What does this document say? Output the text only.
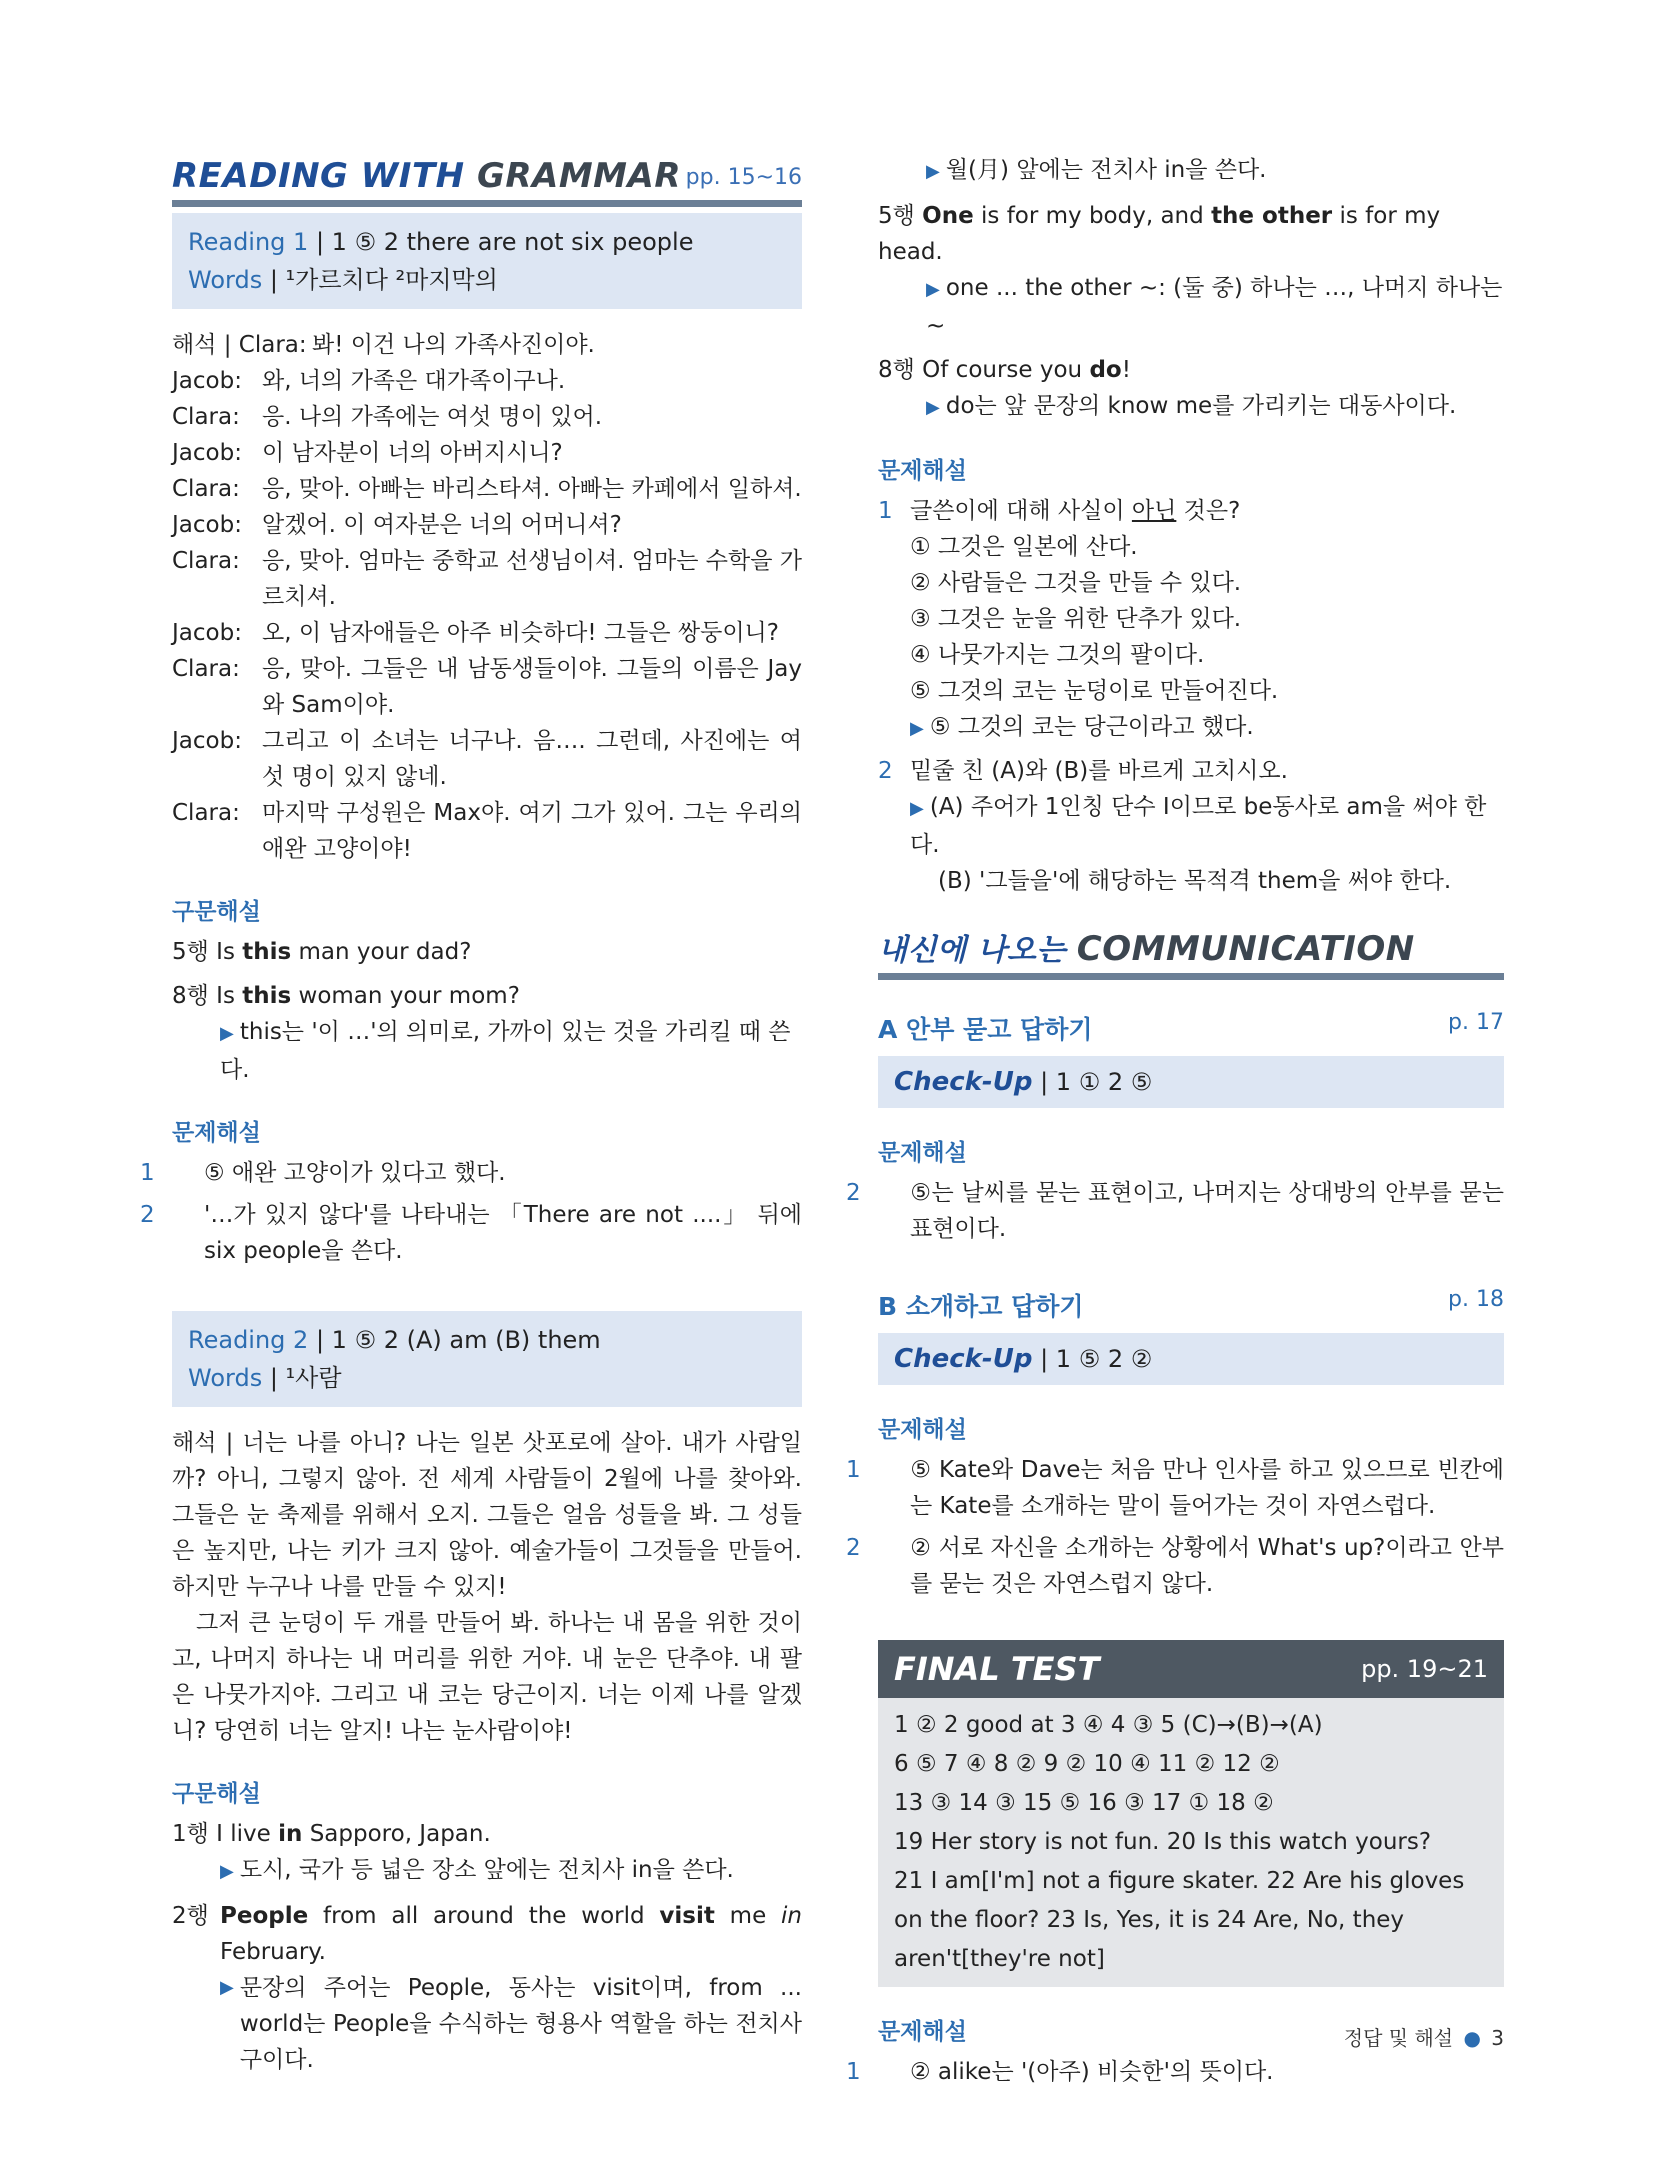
READING WITH GRAMMAR pp. 15~16
Reading 1 | 1 ⑤ 2 there are not six people
Words | ¹가르치다 ²마지막의
해석 | Clara: 봐! 이건 나의 가족사진이야.
Jacob: 와, 너의 가족은 대가족이구나.
Clara: 응. 나의 가족에는 여섯 명이 있어.
Jacob: 이 남자분이 너의 아버지시니?
Clara: 응, 맞아. 아빠는 바리스타셔. 아빠는 카페에서 일하셔.
Jacob: 알겠어. 이 여자분은 너의 어머니셔?
Clara: 응, 맞아. 엄마는 중학교 선생님이셔. 엄마는 수학을 가르치셔.
Jacob: 오, 이 남자애들은 아주 비슷하다! 그들은 쌍둥이니?
Clara: 응, 맞아. 그들은 내 남동생들이야. 그들의 이름은 Jay와 Sam이야.
Jacob: 그리고 이 소녀는 너구나. 음…. 그런데, 사진에는 여섯 명이 있지 않네.
Clara: 마지막 구성원은 Max야. 여기 그가 있어. 그는 우리의 애완 고양이야!
구문해설
5행 Is this man your dad?
8행 Is this woman your mom?
▶ this는 '이 …'의 의미로, 가까이 있는 것을 가리킬 때 쓴다.
문제해설
1 ⑤ 애완 고양이가 있다고 했다.
2 '…가 있지 않다'를 나타내는 「There are not ....」 뒤에 six people을 쓴다.
Reading 2 | 1 ⑤ 2 (A) am (B) them
Words | ¹사람
해석 | 너는 나를 아니? 나는 일본 삿포로에 살아. 내가 사람일까? 아니, 그렇지 않아. 전 세계 사람들이 2월에 나를 찾아와. 그들은 눈 축제를 위해서 오지. 그들은 얼음 성들을 봐. 그 성들은 높지만, 나는 키가 크지 않아. 예술가들이 그것들을 만들어. 하지만 누구나 나를 만들 수 있지!
그저 큰 눈덩이 두 개를 만들어 봐. 하나는 내 몸을 위한 것이고, 나머지 하나는 내 머리를 위한 거야. 내 눈은 단추야. 내 팔은 나뭇가지야. 그리고 내 코는 당근이지. 너는 이제 나를 알겠니? 당연히 너는 알지! 나는 눈사람이야!
구문해설
1행 I live in Sapporo, Japan.
▶ 도시, 국가 등 넓은 장소 앞에는 전치사 in을 쓴다.
2행 People from all around the world visit me in February.
▶ 문장의 주어는 People, 동사는 visit이며, from ... world는 People을 수식하는 형용사 역할을 하는 전치사구이다.
▶ 월(月) 앞에는 전치사 in을 쓴다.
5행 One is for my body, and the other is for my head.
▶ one ... the other ~: (둘 중) 하나는 …, 나머지 하나는 ~
8행 Of course you do!
▶ do는 앞 문장의 know me를 가리키는 대동사이다.
문제해설
1 글쓴이에 대해 사실이 아닌 것은?
① 그것은 일본에 산다.
② 사람들은 그것을 만들 수 있다.
③ 그것은 눈을 위한 단추가 있다.
④ 나뭇가지는 그것의 팔이다.
⑤ 그것의 코는 눈덩이로 만들어진다.
▶ ⑤ 그것의 코는 당근이라고 했다.
2 밑줄 친 (A)와 (B)를 바르게 고치시오.
▶ (A) 주어가 1인칭 단수 I이므로 be동사로 am을 써야 한다.
(B) '그들을'에 해당하는 목적격 them을 써야 한다.
내신에 나오는 COMMUNICATION
A 안부 묻고 답하기	p. 17
Check-Up | 1 ① 2 ⑤
문제해설
2 ⑤는 날씨를 묻는 표현이고, 나머지는 상대방의 안부를 묻는 표현이다.
B 소개하고 답하기	p. 18
Check-Up | 1 ⑤ 2 ②
문제해설
1 ⑤ Kate와 Dave는 처음 만나 인사를 하고 있으므로 빈칸에는 Kate를 소개하는 말이 들어가는 것이 자연스럽다.
2 ② 서로 자신을 소개하는 상황에서 What's up?이라고 안부를 묻는 것은 자연스럽지 않다.
FINAL TEST	pp. 19~21
1 ② 2 good at 3 ④ 4 ③ 5 (C)→(B)→(A)
6 ⑤ 7 ④ 8 ② 9 ② 10 ④ 11 ② 12 ②
13 ③ 14 ③ 15 ⑤ 16 ③ 17 ① 18 ②
19 Her story is not fun. 20 Is this watch yours?
21 I am[I'm] not a figure skater. 22 Are his gloves
on the floor? 23 Is, Yes, it is 24 Are, No, they
aren't[they're not]
문제해설
1 ② alike는 '(아주) 비슷한'의 뜻이다.
정답 및 해설 ● 3
